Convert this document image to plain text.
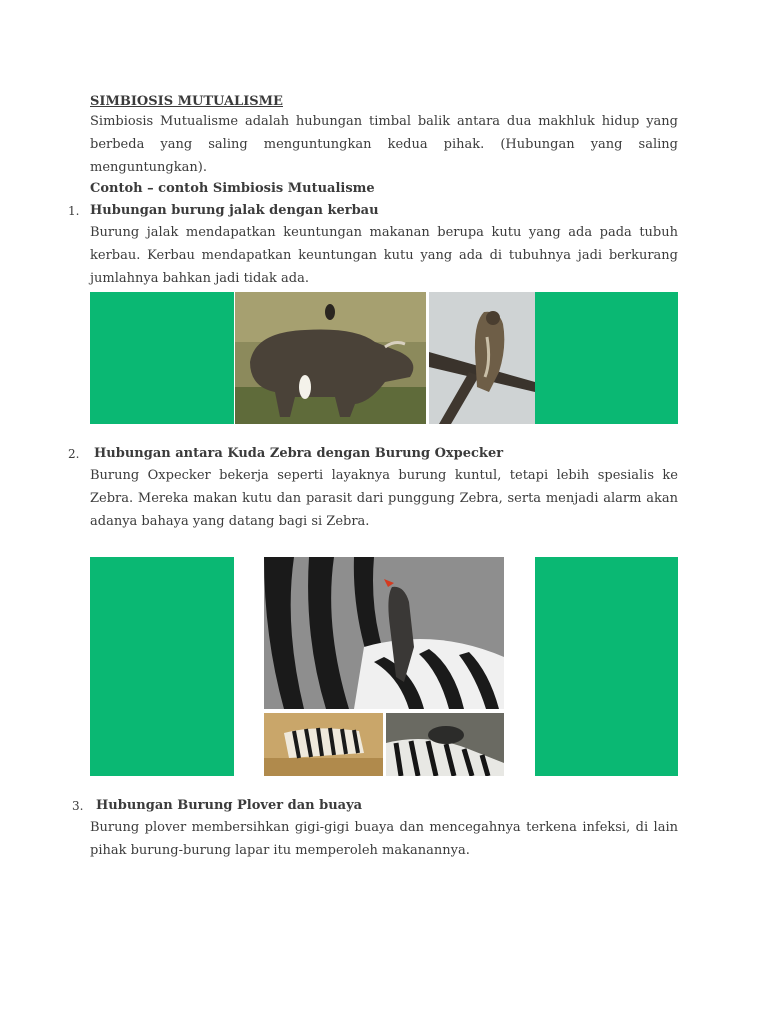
SIMBIOSIS MUTUALISME
Simbiosis Mutualisme adalah hubungan timbal balik antara dua makhluk hidup yang berbeda yang saling menguntungkan kedua pihak. (Hubungan yang saling menguntungkan).
Contoh – contoh Simbiosis Mutualisme
1. Hubungan burung jalak dengan kerbau
Burung jalak mendapatkan keuntungan makanan berupa kutu yang ada pada tubuh kerbau. Kerbau mendapatkan keuntungan kutu yang ada di tubuhnya jadi berkurang jumlahnya bahkan jadi tidak ada.
2. Hubungan antara Kuda Zebra dengan Burung Oxpecker
Burung Oxpecker bekerja seperti layaknya burung kuntul, tetapi lebih spesialis ke Zebra. Mereka makan kutu dan parasit dari punggung Zebra, serta menjadi alarm akan adanya bahaya yang datang bagi si Zebra.
3. Hubungan Burung Plover dan buaya
Burung plover membersihkan gigi-gigi buaya dan mencegahnya terkena infeksi, di lain pihak burung-burung lapar itu memperoleh makanannya.
